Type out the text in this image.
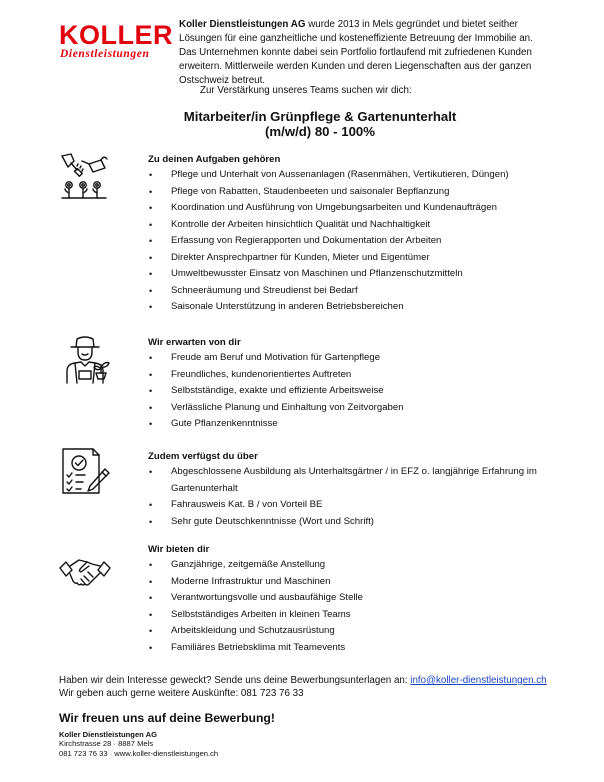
KOLLER
Dienstleistungen
Koller Dienstleistungen AG wurde 2013 in Mels gegründet und bietet seither Lösungen für eine ganzheitliche und kosteneffiziente Betreuung der Immobilie an. Das Unternehmen konnte dabei sein Portfolio fortlaufend mit zufriedenen Kunden erweitern. Mittlerweile werden Kunden und deren Liegenschaften aus der ganzen Ostschweiz betreut.
Zur Verstärkung unseres Teams suchen wir dich:
Mitarbeiter/in Grünpflege & Gartenunterhalt
(m/w/d) 80 - 100%
Zu deinen Aufgaben gehören
• Pflege und Unterhalt von Aussenanlagen (Rasenmähen, Vertikutieren, Düngen)
• Pflege von Rabatten, Staudenbeeten und saisonaler Bepflanzung
• Koordination und Ausführung von Umgebungsarbeiten und Kundenaufträgen
• Kontrolle der Arbeiten hinsichtlich Qualität und Nachhaltigkeit
• Erfassung von Regierapporten und Dokumentation der Arbeiten
• Direkter Ansprechpartner für Kunden, Mieter und Eigentümer
• Umweltbewusster Einsatz von Maschinen und Pflanzenschutzmitteln
• Schneeräumung und Streudienst bei Bedarf
• Saisonale Unterstützung in anderen Betriebsbereichen
Wir erwarten von dir
• Freude am Beruf und Motivation für Gartenpflege
• Freundliches, kundenorientiertes Auftreten
• Selbstständige, exakte und effiziente Arbeitsweise
• Verlässliche Planung und Einhaltung von Zeitvorgaben
• Gute Pflanzenkenntnisse
Zudem verfügst du über
• Abgeschlossene Ausbildung als Unterhaltsgärtner / in EFZ o. langjährige Erfahrung im Gartenunterhalt
• Fahrausweis Kat. B / von Vorteil BE
• Sehr gute Deutschkenntnisse (Wort und Schrift)
Wir bieten dir
• Ganzjährige, zeitgemäße Anstellung
• Moderne Infrastruktur und Maschinen
• Verantwortungsvolle und ausbaufähige Stelle
• Selbstständiges Arbeiten in kleinen Teams
• Arbeitskleidung und Schutzausrüstung
• Familiäres Betriebsklima mit Teamevents
Haben wir dein Interesse geweckt? Sende uns deine Bewerbungsunterlagen an: info@koller-dienstleistungen.ch
Wir geben auch gerne weitere Auskünfte: 081 723 76 33
Wir freuen uns auf deine Bewerbung!
Koller Dienstleistungen AG
Kirchstrasse 28 · 8887 Mels
081 723 76 33 · www.koller-dienstleistungen.ch
